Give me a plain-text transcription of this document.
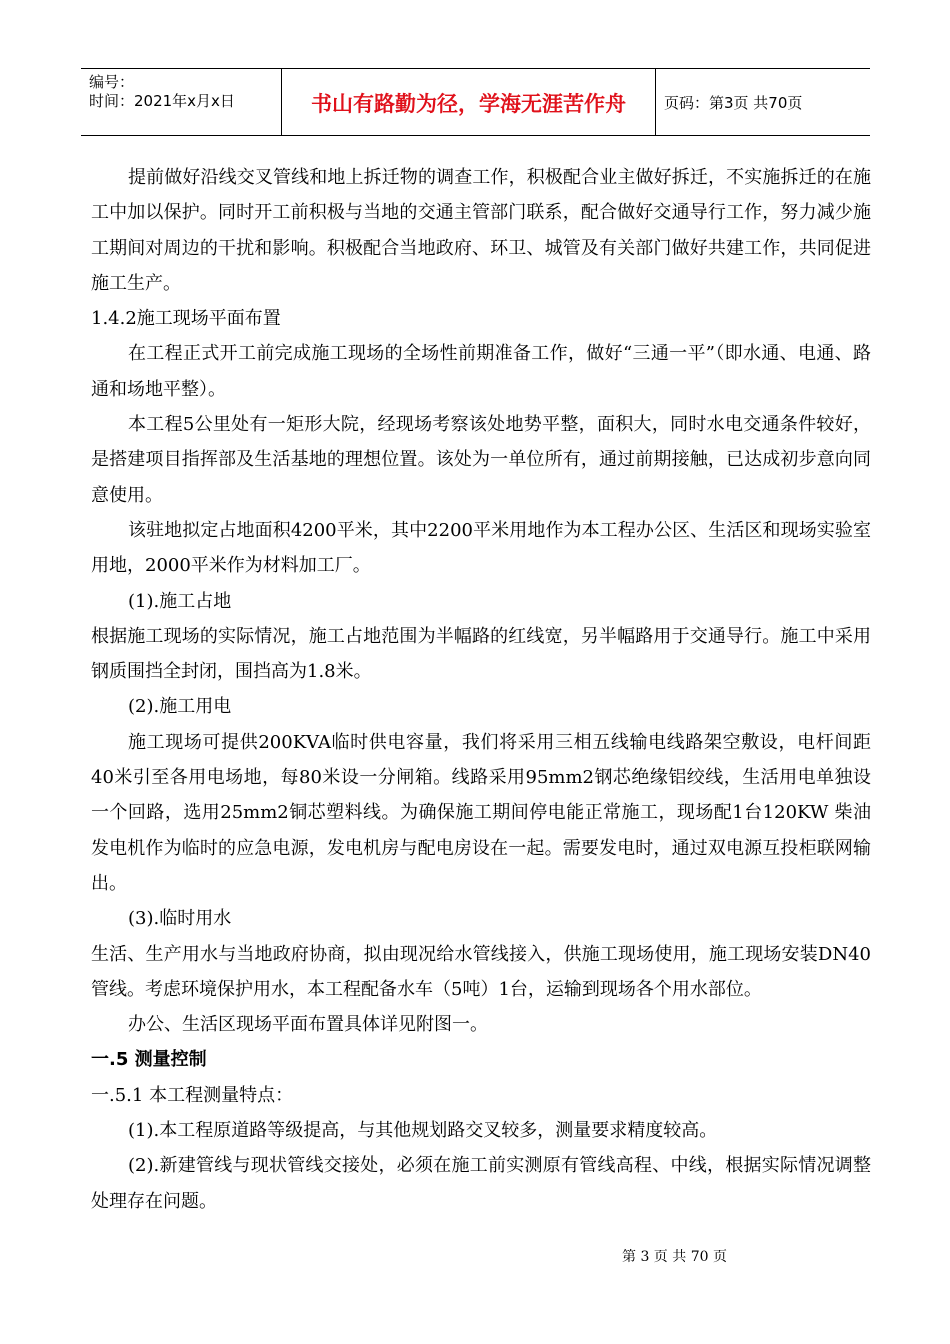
编号：
时间：2021年x月x日	书山有路勤为径，学海无涯苦作舟	页码：第3页 共70页

提前做好沿线交叉管线和地上拆迁物的调查工作，积极配合业主做好拆迁，不实施拆迁的在施工中加以保护。同时开工前积极与当地的交通主管部门联系，配合做好交通导行工作，努力减少施工期间对周边的干扰和影响。积极配合当地政府、环卫、城管及有关部门做好共建工作，共同促进施工生产。

1.4.2施工现场平面布置

在工程正式开工前完成施工现场的全场性前期准备工作，做好“三通一平”（即水通、电通、路通和场地平整）。

本工程5公里处有一矩形大院，经现场考察该处地势平整，面积大，同时水电交通条件较好，是搭建项目指挥部及生活基地的理想位置。该处为一单位所有，通过前期接触，已达成初步意向同意使用。

该驻地拟定占地面积4200平米，其中2200平米用地作为本工程办公区、生活区和现场实验室用地，2000平米作为材料加工厂。

(1).施工占地

根据施工现场的实际情况，施工占地范围为半幅路的红线宽，另半幅路用于交通导行。施工中采用钢质围挡全封闭，围挡高为1.8米。

(2).施工用电

施工现场可提供200KVA临时供电容量，我们将采用三相五线输电线路架空敷设，电杆间距40米引至各用电场地，每80米设一分闸箱。线路采用95mm2钢芯绝缘铝绞线，生活用电单独设一个回路，选用25mm2铜芯塑料线。为确保施工期间停电能正常施工，现场配1台120KW 柴油发电机作为临时的应急电源，发电机房与配电房设在一起。需要发电时，通过双电源互投柜联网输出。

(3).临时用水

生活、生产用水与当地政府协商，拟由现况给水管线接入，供施工现场使用，施工现场安装DN40管线。考虑环境保护用水，本工程配备水车（5吨）1台，运输到现场各个用水部位。

办公、生活区现场平面布置具体详见附图一。

一.5 测量控制

一.5.1 本工程测量特点：

(1).本工程原道路等级提高，与其他规划路交叉较多，测量要求精度较高。

(2).新建管线与现状管线交接处，必须在施工前实测原有管线高程、中线，根据实际情况调整处理存在问题。

第 3 页 共 70 页
